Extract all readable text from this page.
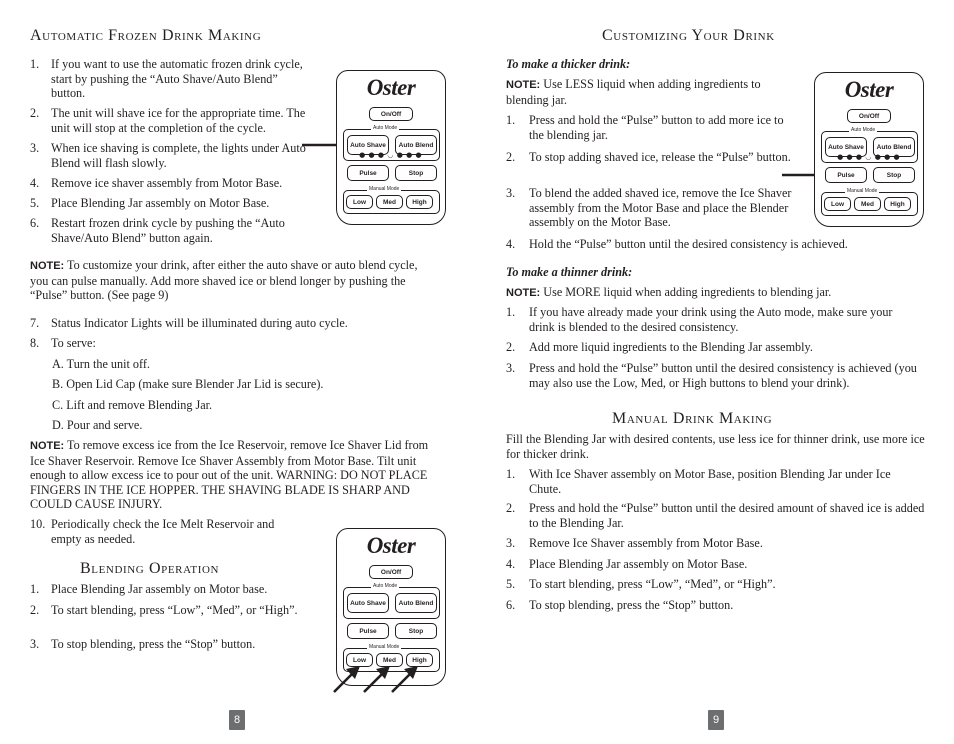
Automatic Frozen Drink Making
1. If you want to use the automatic frozen drink cycle, start by pushing the “Auto Shave/Auto Blend” button.
2. The unit will shave ice for the appropriate time. The unit will stop at the completion of the cycle.
3. When ice shaving is complete, the lights under Auto Blend will flash slowly.
4. Remove ice shaver assembly from Motor Base.
5. Place Blending Jar assembly on Motor Base.
6. Restart frozen drink cycle by pushing the “Auto Shave/Auto Blend” button again.
Oster
On/Off
Auto Mode
Auto Shave	Auto Blend
●●●◡●●●
Pulse	Stop
Manual Mode
Low	Med	High
NOTE: To customize your drink, after either the auto shave or auto blend cycle, you can pulse manually. Add more shaved ice or blend longer by pushing the “Pulse” button. (See page 9)
7. Status Indicator Lights will be illuminated during auto cycle.
8. To serve:
A. Turn the unit off.
B. Open Lid Cap (make sure Blender Jar Lid is secure).
C. Lift and remove Blending Jar.
D. Pour and serve.
NOTE: To remove excess ice from the Ice Reservoir, remove Ice Shaver Lid from Ice Shaver Reservoir. Remove Ice Shaver Assembly from Motor Base. Tilt unit enough to allow excess ice to pour out of the unit. WARNING: DO NOT PLACE FINGERS IN THE ICE HOPPER. THE SHAVING BLADE IS SHARP AND COULD CAUSE INJURY.
10. Periodically check the Ice Melt Reservoir and empty as needed.
Blending Operation
1. Place Blending Jar assembly on Motor base.
2. To start blending, press “Low”, “Med”, or “High”.
3. To stop blending, press the “Stop” button.
Oster
On/Off
Auto Mode
Auto Shave	Auto Blend
Pulse	Stop
Manual Mode
Low	Med	High
8
Customizing Your Drink
To make a thicker drink:
NOTE: Use LESS liquid when adding ingredients to blending jar.
1.	Press and hold the “Pulse” button to add more ice to the blending jar.
2.	To stop adding shaved ice, release the “Pulse” button.
3.	To blend the added shaved ice, remove the Ice Shaver assembly from the Motor Base and place the Blender assembly on the Motor Base.
4.	Hold the “Pulse” button until the desired consistency is achieved.
Oster
On/Off
Auto Mode
Auto Shave	Auto Blend
●●●◡●●●
Pulse	Stop
Manual Mode
Low	Med	High
To make a thinner drink:
NOTE: Use MORE liquid when adding ingredients to blending jar.
1.	If you have already made your drink using the Auto mode, make sure your drink is blended to the desired consistency.
2.	Add more liquid ingredients to the Blending Jar assembly.
3.	Press and hold the “Pulse” button until the desired consistency is achieved (you may also use the Low, Med, or High buttons to blend your drink).
Manual Drink Making
Fill the Blending Jar with desired contents, use less ice for thinner drink, use more ice for thicker drink.
1.	With Ice Shaver assembly on Motor Base, position Blending Jar under Ice Chute.
2.	Press and hold the “Pulse” button until the desired amount of shaved ice is added to the Blending Jar.
3.	Remove Ice Shaver assembly from Motor Base.
4.	Place Blending Jar assembly on Motor Base.
5.	To start blending, press “Low”, “Med”, or “High”.
6.	To stop blending, press the “Stop” button.
9
